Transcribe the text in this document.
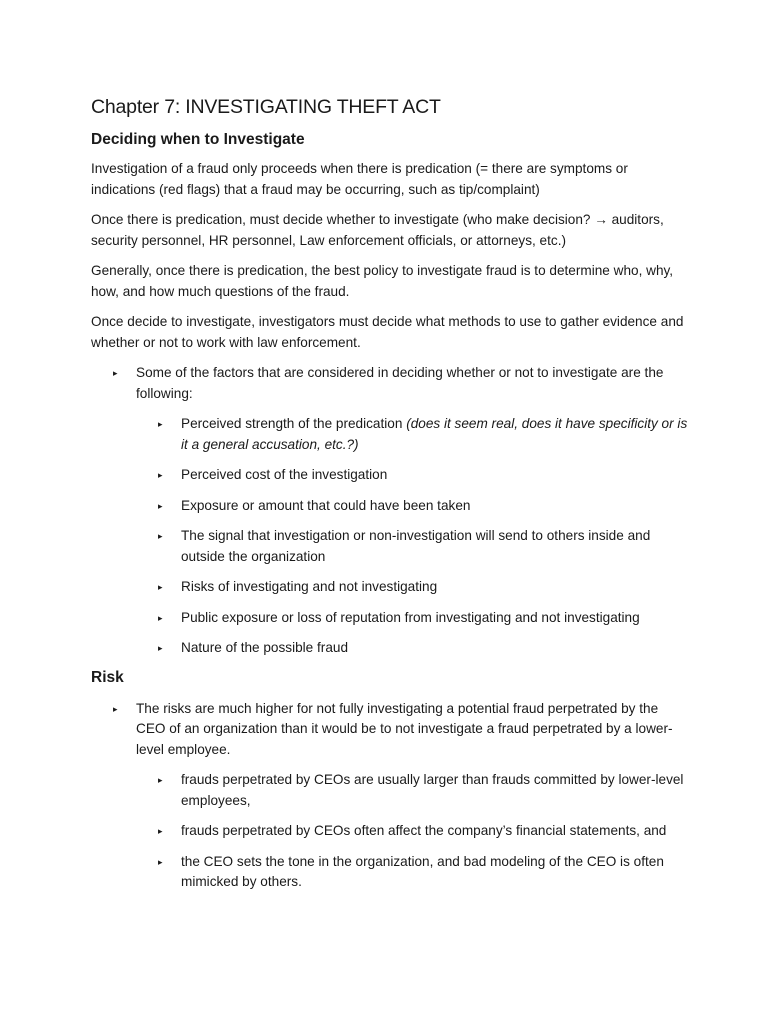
Chapter 7: INVESTIGATING THEFT ACT
Deciding when to Investigate

Investigation of a fraud only proceeds when there is predication (= there are symptoms or indications (red flags) that a fraud may be occurring, such as tip/complaint)

Once there is predication, must decide whether to investigate (who make decision? → auditors, security personnel, HR personnel, Law enforcement officials, or attorneys, etc.)

Generally, once there is predication, the best policy to investigate fraud is to determine who, why, how, and how much questions of the fraud.

Once decide to investigate, investigators must decide what methods to use to gather evidence and whether or not to work with law enforcement.

▸ Some of the factors that are considered in deciding whether or not to investigate are the following:
▸ Perceived strength of the predication (does it seem real, does it have specificity or is it a general accusation, etc.?)
▸ Perceived cost of the investigation
▸ Exposure or amount that could have been taken
▸ The signal that investigation or non-investigation will send to others inside and outside the organization
▸ Risks of investigating and not investigating
▸ Public exposure or loss of reputation from investigating and not investigating
▸ Nature of the possible fraud
Risk
▸ The risks are much higher for not fully investigating a potential fraud perpetrated by the CEO of an organization than it would be to not investigate a fraud perpetrated by a lower-level employee.
▸ frauds perpetrated by CEOs are usually larger than frauds committed by lower-level employees,
▸ frauds perpetrated by CEOs often affect the company’s financial statements, and
▸ the CEO sets the tone in the organization, and bad modeling of the CEO is often mimicked by others.
